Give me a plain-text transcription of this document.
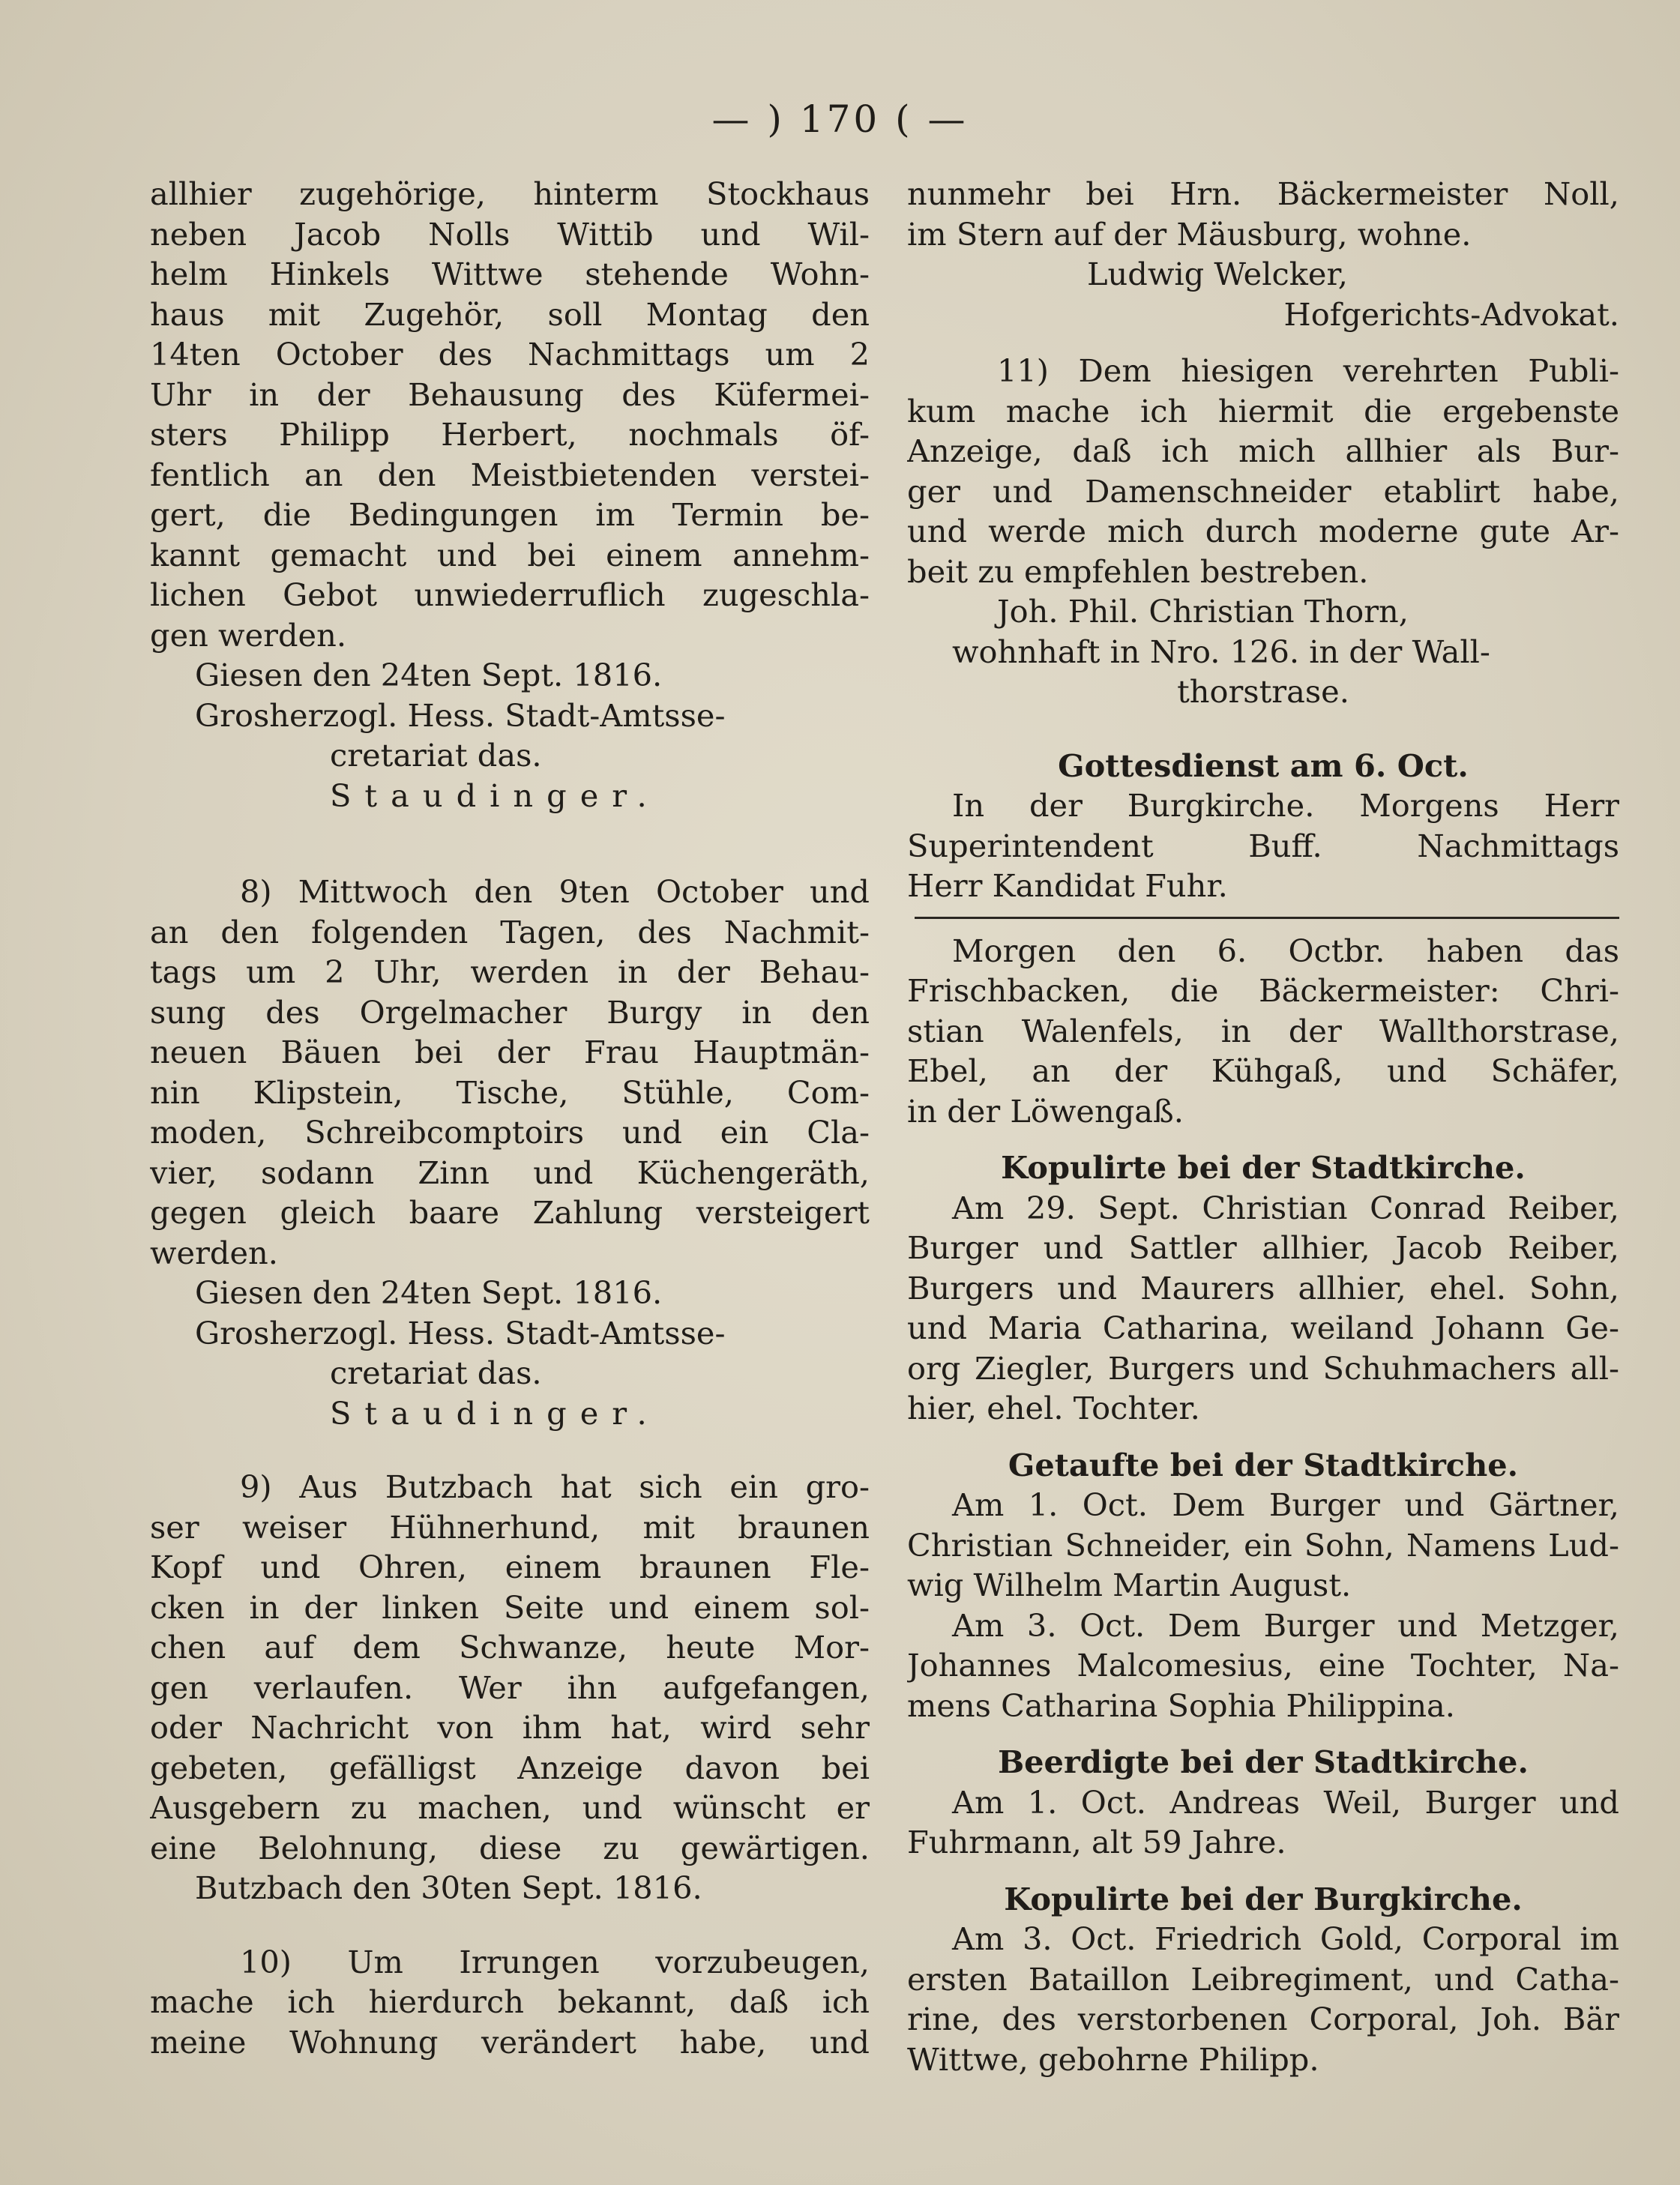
— ) 170 ( —
allhier zugehörige, hinterm Stockhaus
neben Jacob Nolls Wittib und Wil-
helm Hinkels Wittwe stehende Wohn-
haus mit Zugehör, soll Montag den
14ten October des Nachmittags um 2
Uhr in der Behausung des Küfermei-
sters Philipp Herbert, nochmals öf-
fentlich an den Meistbietenden verstei-
gert, die Bedingungen im Termin be-
kannt gemacht und bei einem annehm-
lichen Gebot unwiederruflich zugeschla-
gen werden.
Giesen den 24ten Sept. 1816.
Grosherzogl. Hess. Stadt-Amtsse-
cretariat das.
Staudinger.
8) Mittwoch den 9ten October und
an den folgenden Tagen, des Nachmit-
tags um 2 Uhr, werden in der Behau-
sung des Orgelmacher Burgy in den
neuen Bäuen bei der Frau Hauptmän-
nin Klipstein, Tische, Stühle, Com-
moden, Schreibcomptoirs und ein Cla-
vier, sodann Zinn und Küchengeräth,
gegen gleich baare Zahlung versteigert
werden.
Giesen den 24ten Sept. 1816.
Grosherzogl. Hess. Stadt-Amtsse-
cretariat das.
Staudinger.
9) Aus Butzbach hat sich ein gro-
ser weiser Hühnerhund, mit braunen
Kopf und Ohren, einem braunen Fle-
cken in der linken Seite und einem sol-
chen auf dem Schwanze, heute Mor-
gen verlaufen. Wer ihn aufgefangen,
oder Nachricht von ihm hat, wird sehr
gebeten, gefälligst Anzeige davon bei
Ausgebern zu machen, und wünscht er
eine Belohnung, diese zu gewärtigen.
Butzbach den 30ten Sept. 1816.
10) Um Irrungen vorzubeugen,
mache ich hierdurch bekannt, daß ich
meine Wohnung verändert habe, und
nunmehr bei Hrn. Bäckermeister Noll,
im Stern auf der Mäusburg, wohne.
Ludwig Welcker,
Hofgerichts-Advokat.
11) Dem hiesigen verehrten Publi-
kum mache ich hiermit die ergebenste
Anzeige, daß ich mich allhier als Bur-
ger und Damenschneider etablirt habe,
und werde mich durch moderne gute Ar-
beit zu empfehlen bestreben.
Joh. Phil. Christian Thorn,
wohnhaft in Nro. 126. in der Wall-
thorstrase.
Gottesdienst am 6. Oct.
In der Burgkirche. Morgens Herr
Superintendent Buff. Nachmittags
Herr Kandidat Fuhr.
Morgen den 6. Octbr. haben das
Frischbacken, die Bäckermeister: Chri-
stian Walenfels, in der Wallthorstrase,
Ebel, an der Kühgaß, und Schäfer,
in der Löwengaß.
Kopulirte bei der Stadtkirche.
Am 29. Sept. Christian Conrad Reiber,
Burger und Sattler allhier, Jacob Reiber,
Burgers und Maurers allhier, ehel. Sohn,
und Maria Catharina, weiland Johann Ge-
org Ziegler, Burgers und Schuhmachers all-
hier, ehel. Tochter.
Getaufte bei der Stadtkirche.
Am 1. Oct. Dem Burger und Gärtner,
Christian Schneider, ein Sohn, Namens Lud-
wig Wilhelm Martin August.
Am 3. Oct. Dem Burger und Metzger,
Johannes Malcomesius, eine Tochter, Na-
mens Catharina Sophia Philippina.
Beerdigte bei der Stadtkirche.
Am 1. Oct. Andreas Weil, Burger und
Fuhrmann, alt 59 Jahre.
Kopulirte bei der Burgkirche.
Am 3. Oct. Friedrich Gold, Corporal im
ersten Bataillon Leibregiment, und Catha-
rine, des verstorbenen Corporal, Joh. Bär
Wittwe, gebohrne Philipp.
